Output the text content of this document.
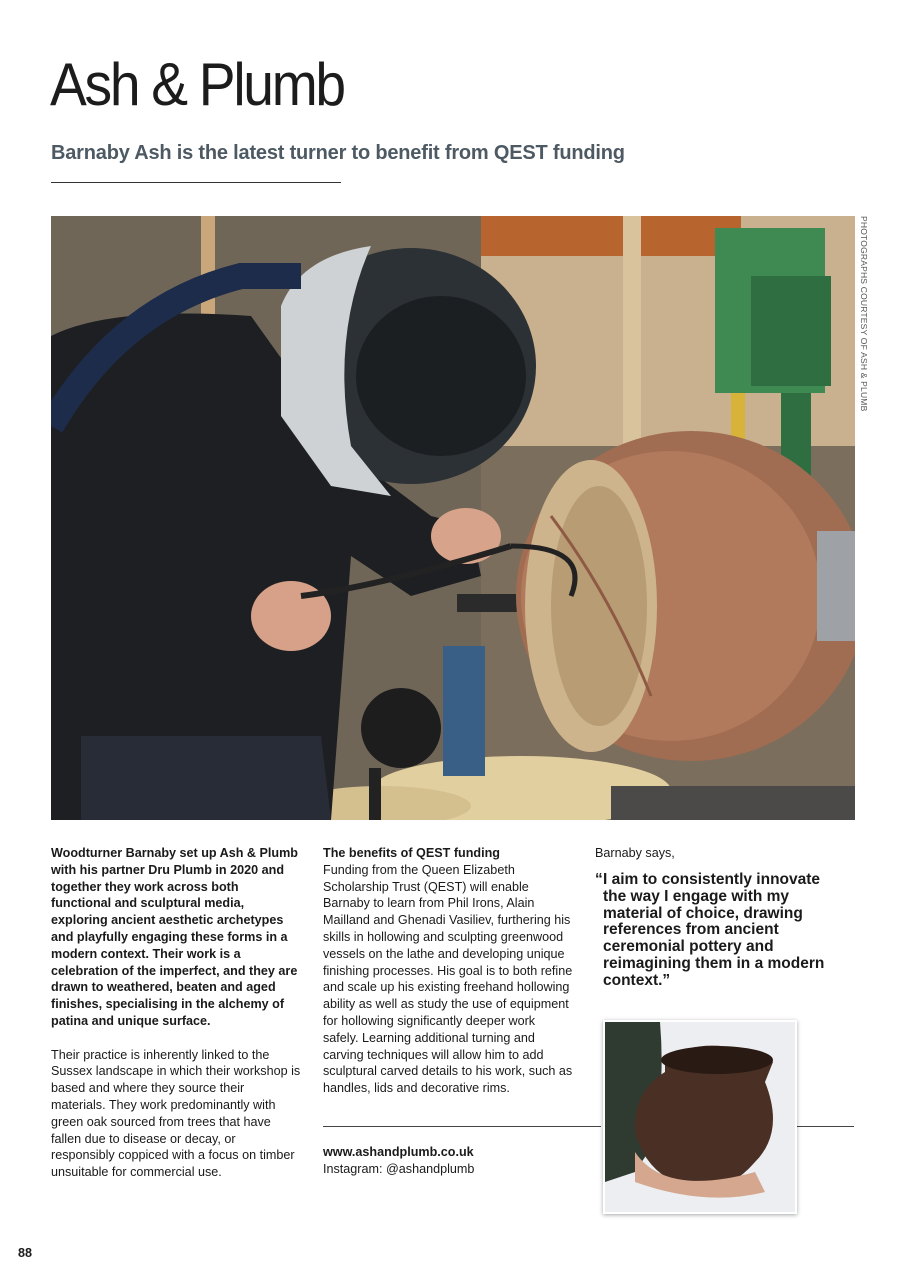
Ash & Plumb
Barnaby Ash is the latest turner to benefit from QEST funding
PHOTOGRAPHS COURTESY OF ASH & PLUMB

Woodturner Barnaby set up Ash & Plumb with his partner Dru Plumb in 2020 and together they work across both functional and sculptural media, exploring ancient aesthetic archetypes and playfully engaging these forms in a modern context. Their work is a celebration of the imperfect, and they are drawn to weathered, beaten and aged finishes, specialising in the alchemy of patina and unique surface.

Their practice is inherently linked to the Sussex landscape in which their workshop is based and where they source their materials. They work predominantly with green oak sourced from trees that have fallen due to disease or decay, or responsibly coppiced with a focus on timber unsuitable for commercial use.

The benefits of QEST funding

Funding from the Queen Elizabeth Scholarship Trust (QEST) will enable Barnaby to learn from Phil Irons, Alain Mailland and Ghenadi Vasiliev, furthering his skills in hollowing and sculpting greenwood vessels on the lathe and developing unique finishing processes. His goal is to both refine and scale up his existing freehand hollowing ability as well as study the use of equipment for hollowing significantly deeper work safely. Learning additional turning and carving techniques will allow him to add sculptural carved details to his work, such as handles, lids and decorative rims.

Barnaby says,

“ I aim to consistently innovate the way I engage with my material of choice, drawing references from ancient ceremonial pottery and reimagining them in a modern context.”
www.ashandplumb.co.uk
Instagram: @ashandplumb
88
